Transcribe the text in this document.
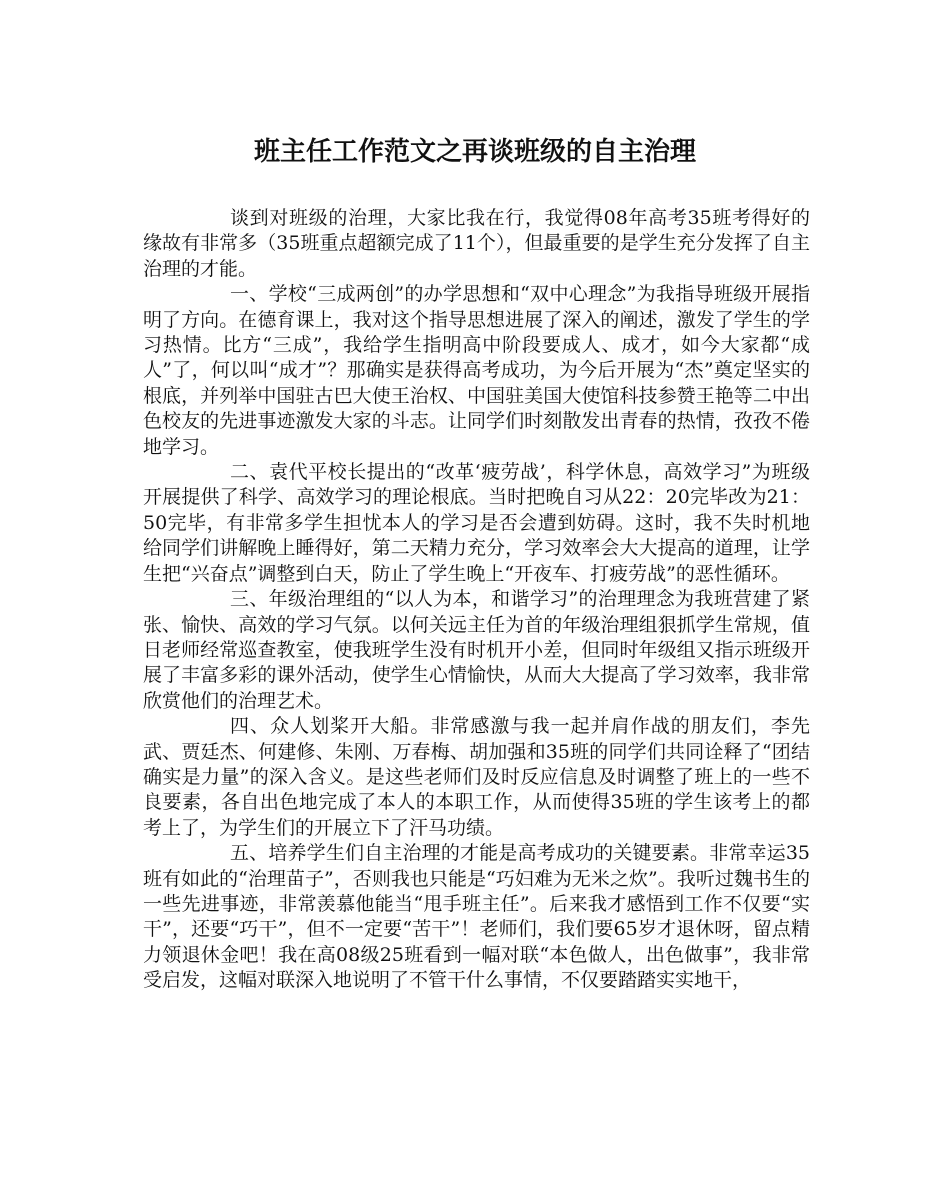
班主任工作范文之再谈班级的自主治理

谈到对班级的治理，大家比我在行，我觉得08年高考35班考得好的缘故有非常多（35班重点超额完成了11个），但最重要的是学生充分发挥了自主治理的才能。

一、学校“三成两创”的办学思想和“双中心理念”为我指导班级开展指明了方向。在德育课上，我对这个指导思想进展了深入的阐述，激发了学生的学习热情。比方“三成”，我给学生指明高中阶段要成人、成才，如今大家都“成人”了，何以叫“成才”？那确实是获得高考成功，为今后开展为“杰”奠定坚实的根底，并列举中国驻古巴大使王治权、中国驻美国大使馆科技参赞王艳等二中出色校友的先进事迹激发大家的斗志。让同学们时刻散发出青春的热情，孜孜不倦地学习。

二、袁代平校长提出的“改革‘疲劳战’，科学休息，高效学习”为班级开展提供了科学、高效学习的理论根底。当时把晚自习从22：20完毕改为21：50完毕，有非常多学生担忧本人的学习是否会遭到妨碍。这时，我不失时机地给同学们讲解晚上睡得好，第二天精力充分，学习效率会大大提高的道理，让学生把“兴奋点”调整到白天，防止了学生晚上“开夜车、打疲劳战”的恶性循环。

三、年级治理组的“以人为本，和谐学习”的治理理念为我班营建了紧张、愉快、高效的学习气氛。以何关远主任为首的年级治理组狠抓学生常规，值日老师经常巡查教室，使我班学生没有时机开小差，但同时年级组又指示班级开展了丰富多彩的课外活动，使学生心情愉快，从而大大提高了学习效率，我非常欣赏他们的治理艺术。

四、众人划桨开大船。非常感激与我一起并肩作战的朋友们，李先武、贾廷杰、何建修、朱刚、万春梅、胡加强和35班的同学们共同诠释了“团结确实是力量”的深入含义。是这些老师们及时反应信息及时调整了班上的一些不良要素，各自出色地完成了本人的本职工作，从而使得35班的学生该考上的都考上了，为学生们的开展立下了汗马功绩。

五、培养学生们自主治理的才能是高考成功的关键要素。非常幸运35班有如此的“治理苗子”，否则我也只能是“巧妇难为无米之炊”。我听过魏书生的一些先进事迹，非常羡慕他能当“甩手班主任”。后来我才感悟到工作不仅要“实干”，还要“巧干”，但不一定要“苦干”！老师们，我们要65岁才退休呀，留点精力领退休金吧！我在高08级25班看到一幅对联“本色做人，出色做事”，我非常受启发，这幅对联深入地说明了不管干什么事情，不仅要踏踏实实地干，
